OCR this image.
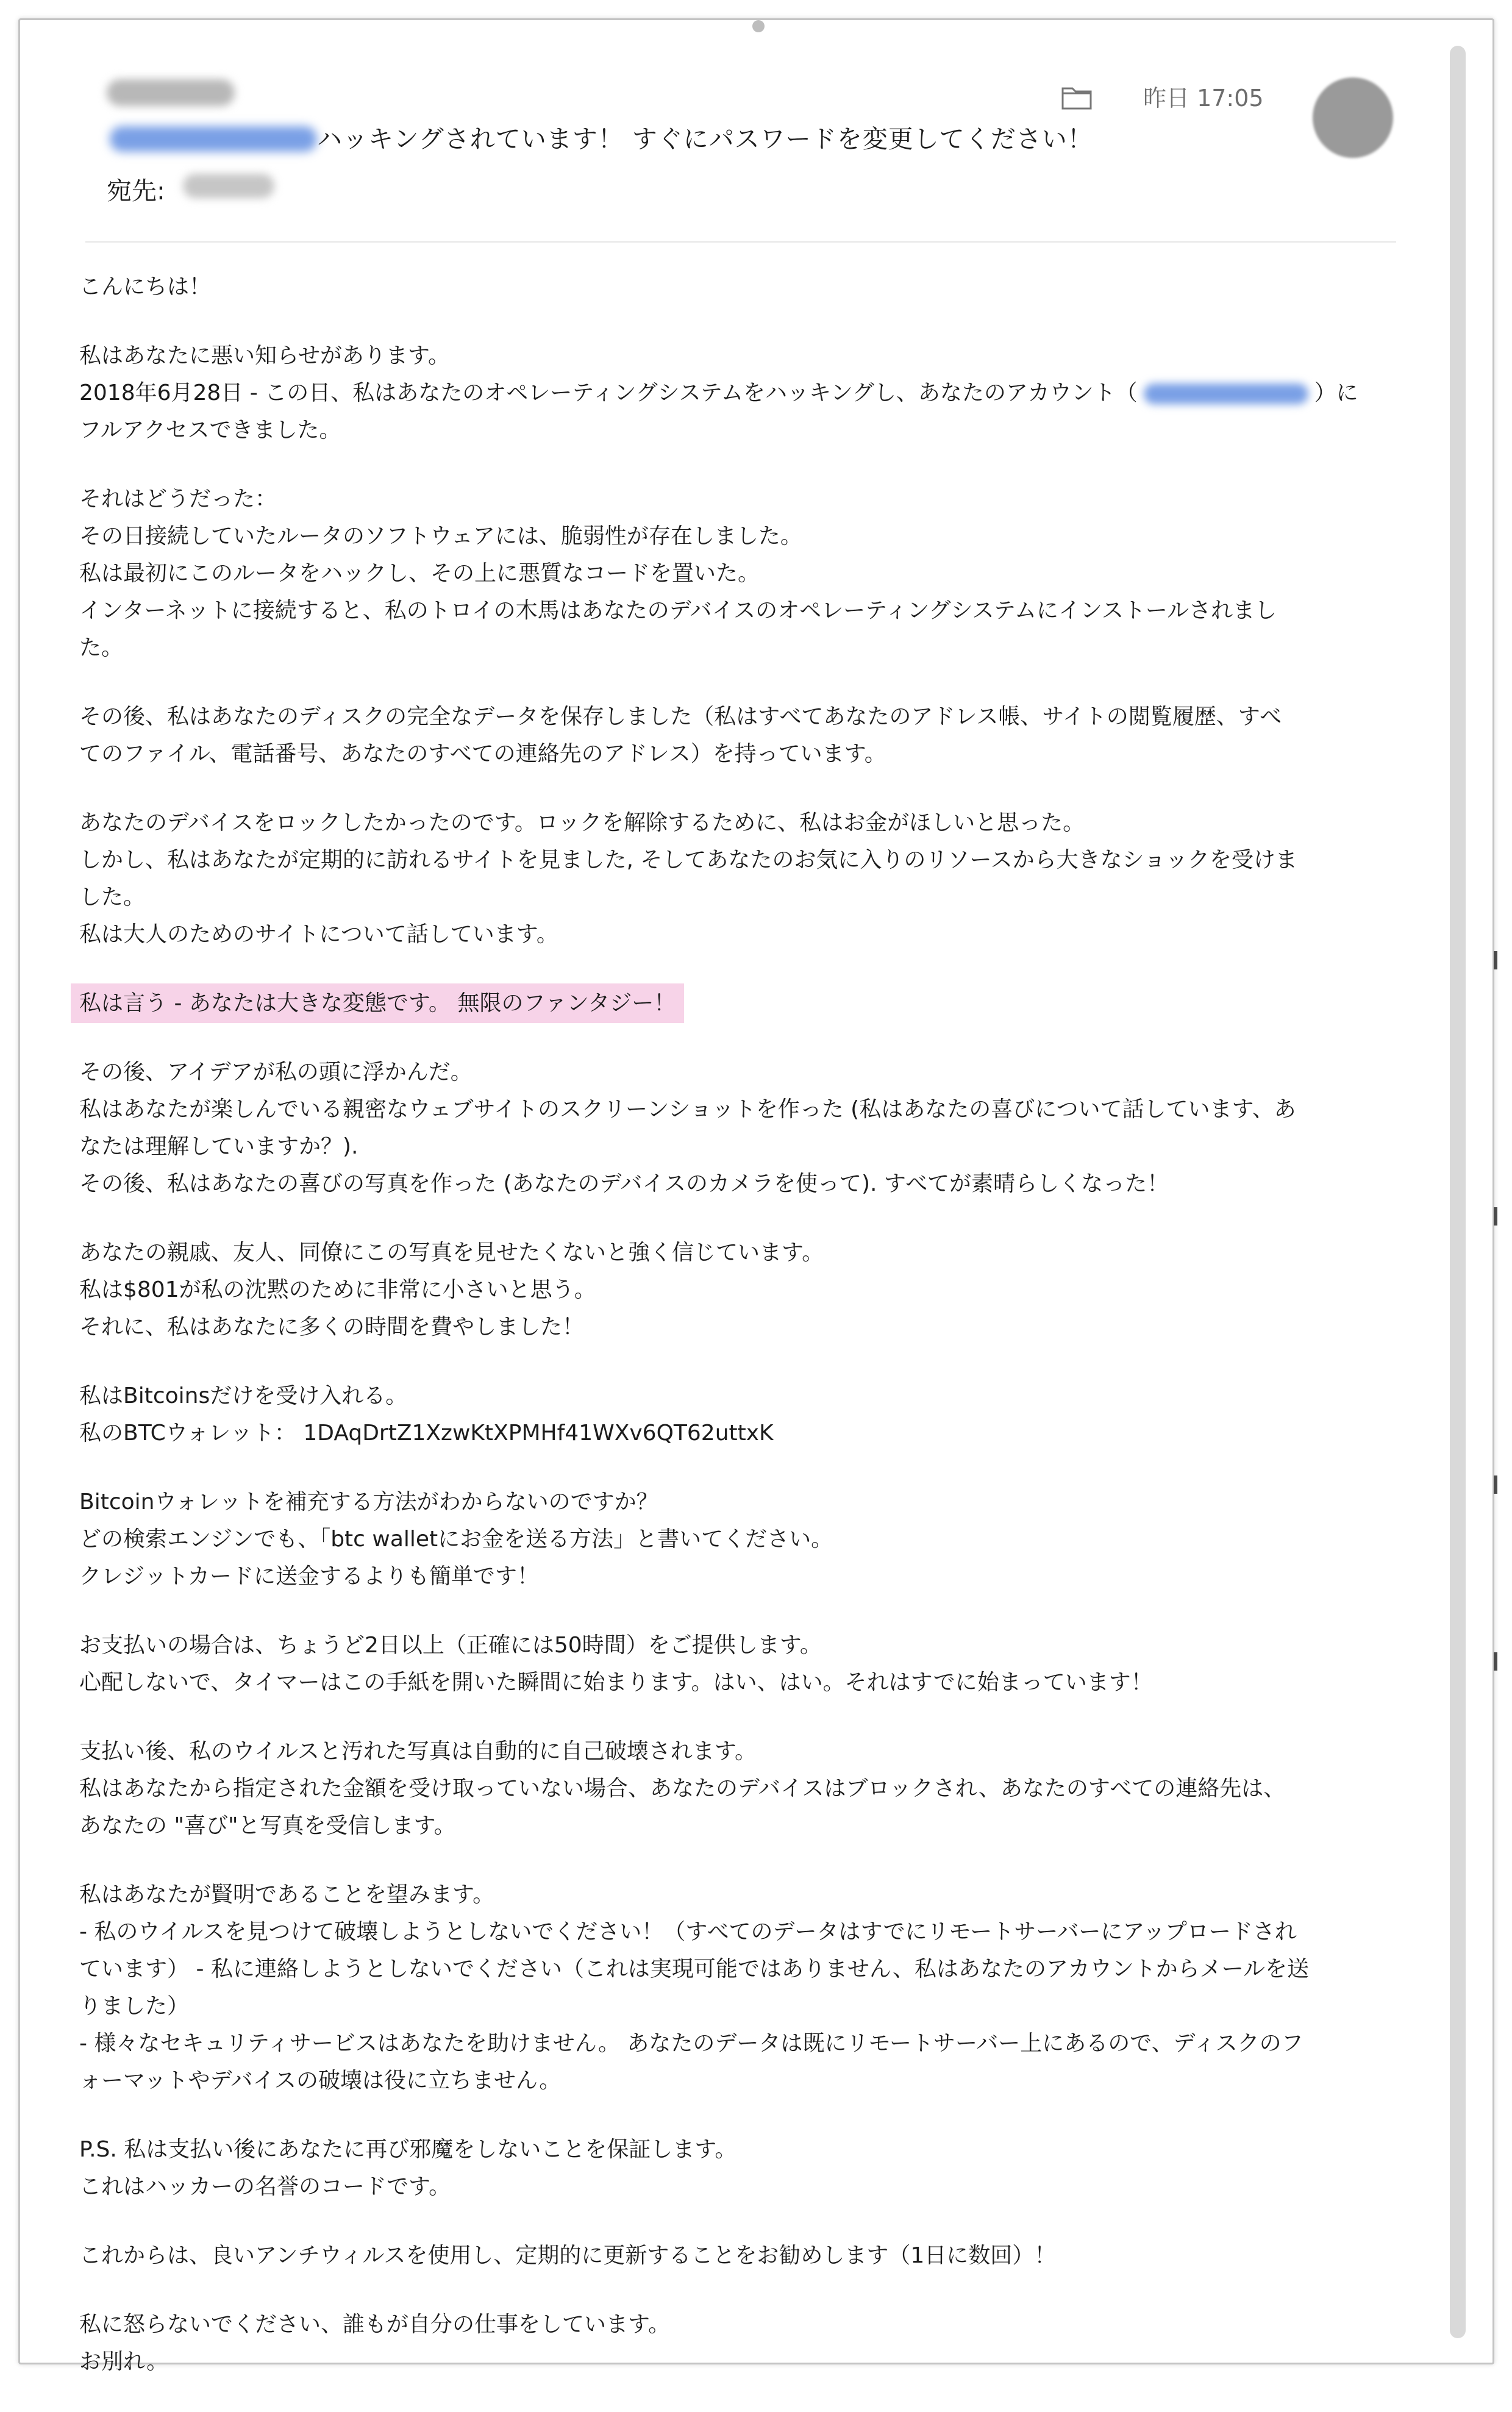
ハッキングされています！ すぐにパスワードを変更してください！
宛先:
昨日 17:05

こんにちは！

私はあなたに悪い知らせがあります。
2018年6月28日 - この日、私はあなたのオペレーティングシステムをハッキングし、あなたのアカウント（	）に
フルアクセスできました。

それはどうだった：
その日接続していたルータのソフトウェアには、脆弱性が存在しました。
私は最初にこのルータをハックし、その上に悪質なコードを置いた。
インターネットに接続すると、私のトロイの木馬はあなたのデバイスのオペレーティングシステムにインストールされまし
た。

その後、私はあなたのディスクの完全なデータを保存しました（私はすべてあなたのアドレス帳、サイトの閲覧履歴、すべ
てのファイル、電話番号、あなたのすべての連絡先のアドレス）を持っています。

あなたのデバイスをロックしたかったのです。ロックを解除するために、私はお金がほしいと思った。
しかし、私はあなたが定期的に訪れるサイトを見ました, そしてあなたのお気に入りのリソースから大きなショックを受けま
した。
私は大人のためのサイトについて話しています。

私は言う - あなたは大きな変態です。 無限のファンタジー！

その後、アイデアが私の頭に浮かんだ。
私はあなたが楽しんでいる親密なウェブサイトのスクリーンショットを作った (私はあなたの喜びについて話しています、あ
なたは理解していますか？).
その後、私はあなたの喜びの写真を作った (あなたのデバイスのカメラを使って). すべてが素晴らしくなった！

あなたの親戚、友人、同僚にこの写真を見せたくないと強く信じています。
私は$801が私の沈黙のために非常に小さいと思う。
それに、私はあなたに多くの時間を費やしました！

私はBitcoinsだけを受け入れる。
私のBTCウォレット： 1DAqDrtZ1XzwKtXPMHf41WXv6QT62uttxK

Bitcoinウォレットを補充する方法がわからないのですか？
どの検索エンジンでも、「btc walletにお金を送る方法」と書いてください。
クレジットカードに送金するよりも簡単です！

お支払いの場合は、ちょうど2日以上（正確には50時間）をご提供します。
心配しないで、タイマーはこの手紙を開いた瞬間に始まります。はい、はい。それはすでに始まっています！

支払い後、私のウイルスと汚れた写真は自動的に自己破壊されます。
私はあなたから指定された金額を受け取っていない場合、あなたのデバイスはブロックされ、あなたのすべての連絡先は、
あなたの "喜び"と写真を受信します。

私はあなたが賢明であることを望みます。
- 私のウイルスを見つけて破壊しようとしないでください！（すべてのデータはすでにリモートサーバーにアップロードされ
ています） - 私に連絡しようとしないでください（これは実現可能ではありません、私はあなたのアカウントからメールを送
りました）
- 様々なセキュリティサービスはあなたを助けません。 あなたのデータは既にリモートサーバー上にあるので、ディスクのフ
ォーマットやデバイスの破壊は役に立ちません。

P.S. 私は支払い後にあなたに再び邪魔をしないことを保証します。
これはハッカーの名誉のコードです。

これからは、良いアンチウィルスを使用し、定期的に更新することをお勧めします（1日に数回）！

私に怒らないでください、誰もが自分の仕事をしています。
お別れ。
